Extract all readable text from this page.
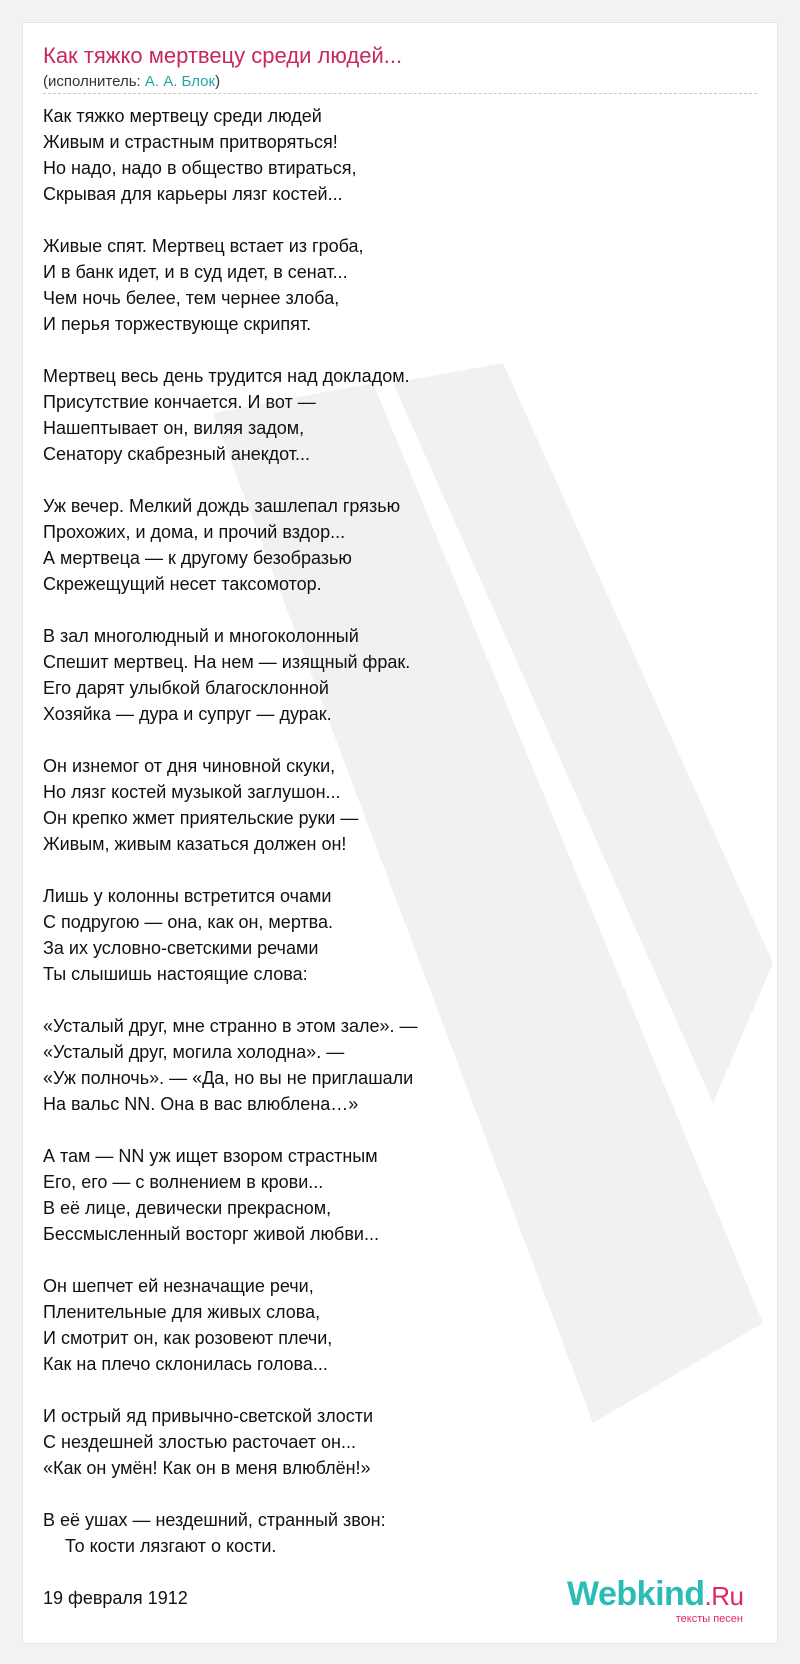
Как тяжко мертвецу среди людей...
(исполнитель: А. А. Блок)
Как тяжко мертвецу среди людей
Живым и страстным притворяться!
Но надо, надо в общество втираться,
Скрывая для карьеры лязг костей...
Живые спят. Мертвец встает из гроба,
И в банк идет, и в суд идет, в сенат...
Чем ночь белее, тем чернее злоба,
И перья торжествующе скрипят.
Мертвец весь день трудится над докладом.
Присутствие кончается. И вот —
Нашептывает он, виляя задом,
Сенатору скабрезный анекдот...
Уж вечер. Мелкий дождь зашлепал грязью
Прохожих, и дома, и прочий вздор...
А мертвеца — к другому безобразью
Скрежещущий несет таксомотор.
В зал многолюдный и многоколонный
Спешит мертвец. На нем — изящный фрак.
Его дарят улыбкой благосклонной
Хозяйка — дура и супруг — дурак.
Он изнемог от дня чиновной скуки,
Но лязг костей музыкой заглушон...
Он крепко жмет приятельские руки —
Живым, живым казаться должен он!
Лишь у колонны встретится очами
С подругою — она, как он, мертва.
За их условно-светскими речами
Ты слышишь настоящие слова:
«Усталый друг, мне странно в этом зале». —
«Усталый друг, могила холодна». —
«Уж полночь». — «Да, но вы не приглашали
На вальс NN. Она в вас влюблена…»
А там — NN уж ищет взором страстным
Его, его — с волнением в крови...
В её лице, девически прекрасном,
Бессмысленный восторг живой любви...
Он шепчет ей незначащие речи,
Пленительные для живых слова,
И смотрит он, как розовеют плечи,
Как на плечо склонилась голова...
И острый яд привычно-светской злости
С нездешней злостью расточает он...
«Как он умён! Как он в меня влюблён!»
В её ушах — нездешний, странный звон:
То кости лязгают о кости.
19 февраля 1912	Webkind.Ru
тексты песен
